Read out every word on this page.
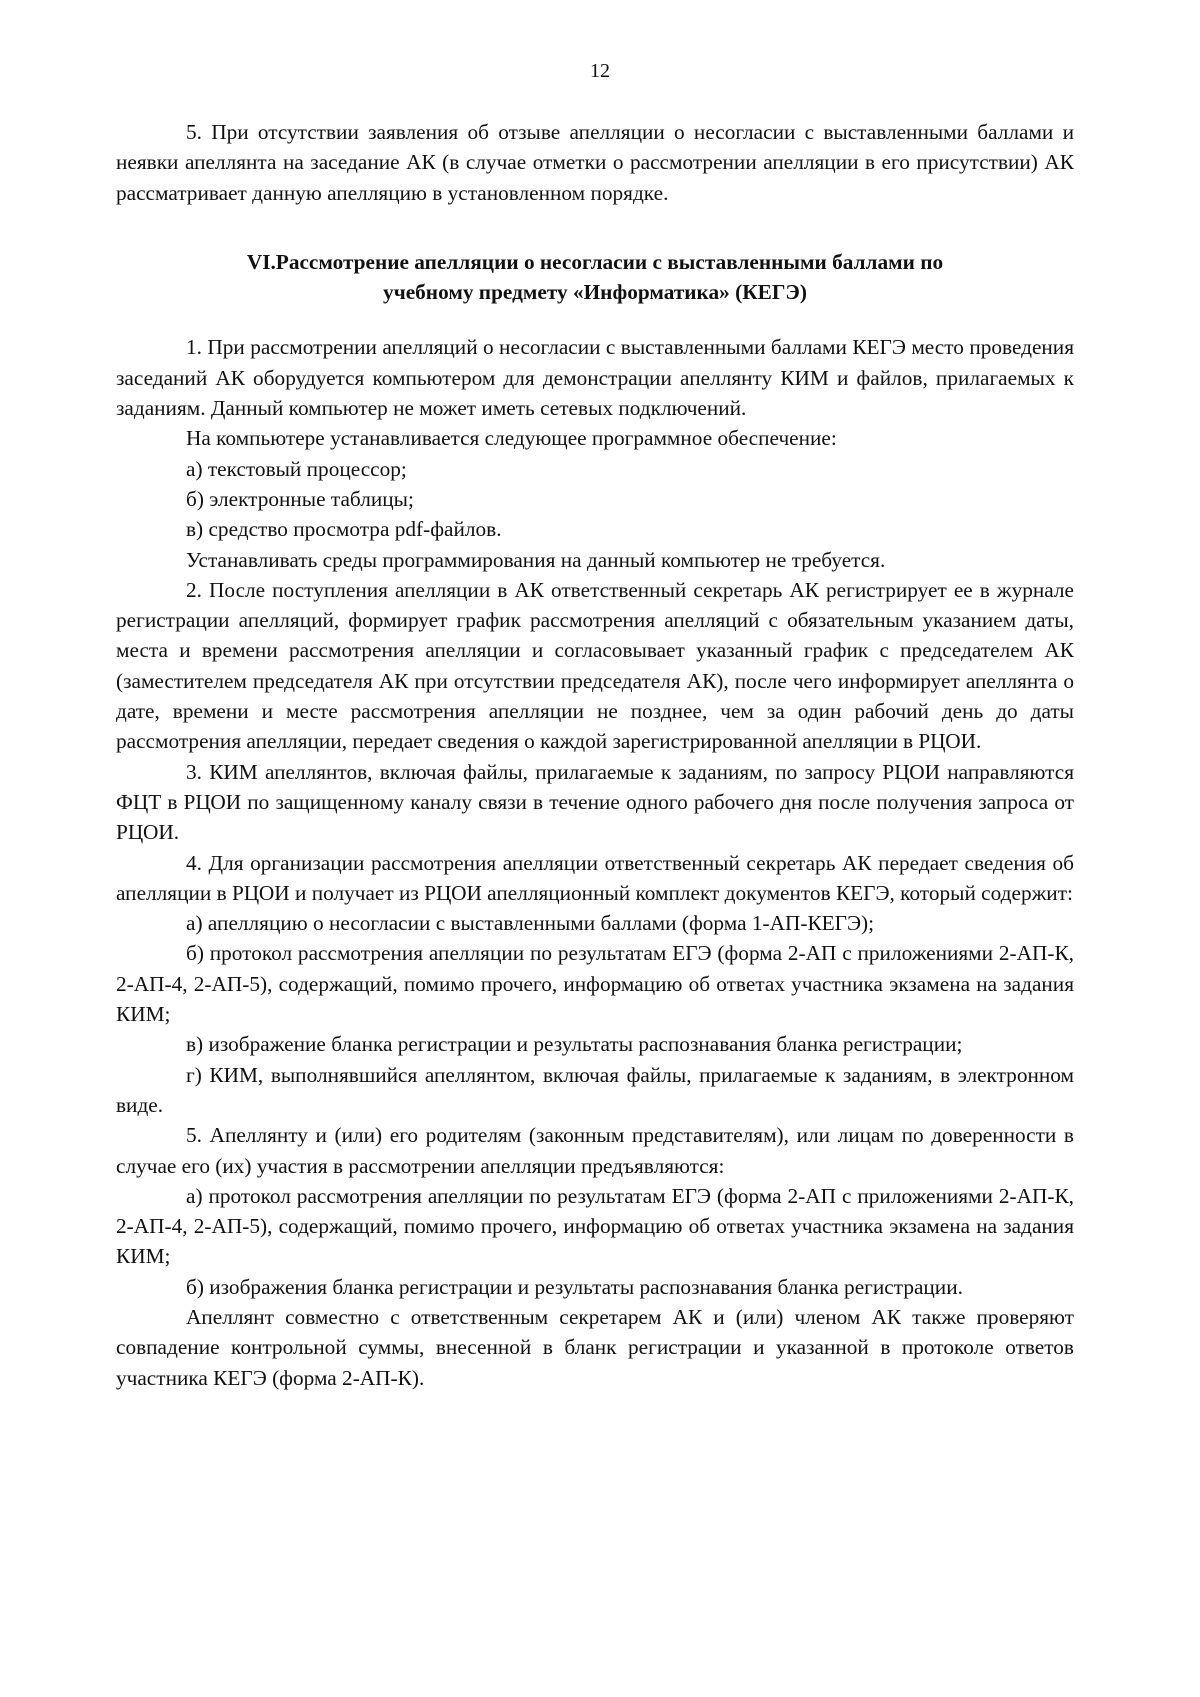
12

5. При отсутствии заявления об отзыве апелляции о несогласии с выставленными баллами и неявки апеллянта на заседание АК (в случае отметки о рассмотрении апелляции в его присутствии) АК рассматривает данную апелляцию в установленном порядке.

VI.Рассмотрение апелляции о несогласии с выставленными баллами по
учебному предмету «Информатика» (КЕГЭ)

1. При рассмотрении апелляций о несогласии с выставленными баллами КЕГЭ место проведения заседаний АК оборудуется компьютером для демонстрации апеллянту КИМ и файлов, прилагаемых к заданиям. Данный компьютер не может иметь сетевых подключений.

На компьютере устанавливается следующее программное обеспечение:

а) текстовый процессор;

б) электронные таблицы;

в) средство просмотра pdf-файлов.

Устанавливать среды программирования на данный компьютер не требуется.

2. После поступления апелляции в АК ответственный секретарь АК регистрирует ее в журнале регистрации апелляций, формирует график рассмотрения апелляций с обязательным указанием даты, места и времени рассмотрения апелляции и согласовывает указанный график с председателем АК (заместителем председателя АК при отсутствии председателя АК), после чего информирует апеллянта о дате, времени и месте рассмотрения апелляции не позднее, чем за один рабочий день до даты рассмотрения апелляции, передает сведения о каждой зарегистрированной апелляции в РЦОИ.

3. КИМ апеллянтов, включая файлы, прилагаемые к заданиям, по запросу РЦОИ направляются ФЦТ в РЦОИ по защищенному каналу связи в течение одного рабочего дня после получения запроса от РЦОИ.

4. Для организации рассмотрения апелляции ответственный секретарь АК передает сведения об апелляции в РЦОИ и получает из РЦОИ апелляционный комплект документов КЕГЭ, который содержит:

а) апелляцию о несогласии с выставленными баллами (форма 1-АП-КЕГЭ);

б) протокол рассмотрения апелляции по результатам ЕГЭ (форма 2-АП с приложениями 2-АП-К, 2-АП-4, 2-АП-5), содержащий, помимо прочего, информацию об ответах участника экзамена на задания КИМ;

в) изображение бланка регистрации и результаты распознавания бланка регистрации;

г) КИМ, выполнявшийся апеллянтом, включая файлы, прилагаемые к заданиям, в электронном виде.

5. Апеллянту и (или) его родителям (законным представителям), или лицам по доверенности в случае его (их) участия в рассмотрении апелляции предъявляются:

а) протокол рассмотрения апелляции по результатам ЕГЭ (форма 2-АП с приложениями 2-АП-К, 2-АП-4, 2-АП-5), содержащий, помимо прочего, информацию об ответах участника экзамена на задания КИМ;

б) изображения бланка регистрации и результаты распознавания бланка регистрации.

Апеллянт совместно с ответственным секретарем АК и (или) членом АК также проверяют совпадение контрольной суммы, внесенной в бланк регистрации и указанной в протоколе ответов участника КЕГЭ (форма 2-АП-К).
